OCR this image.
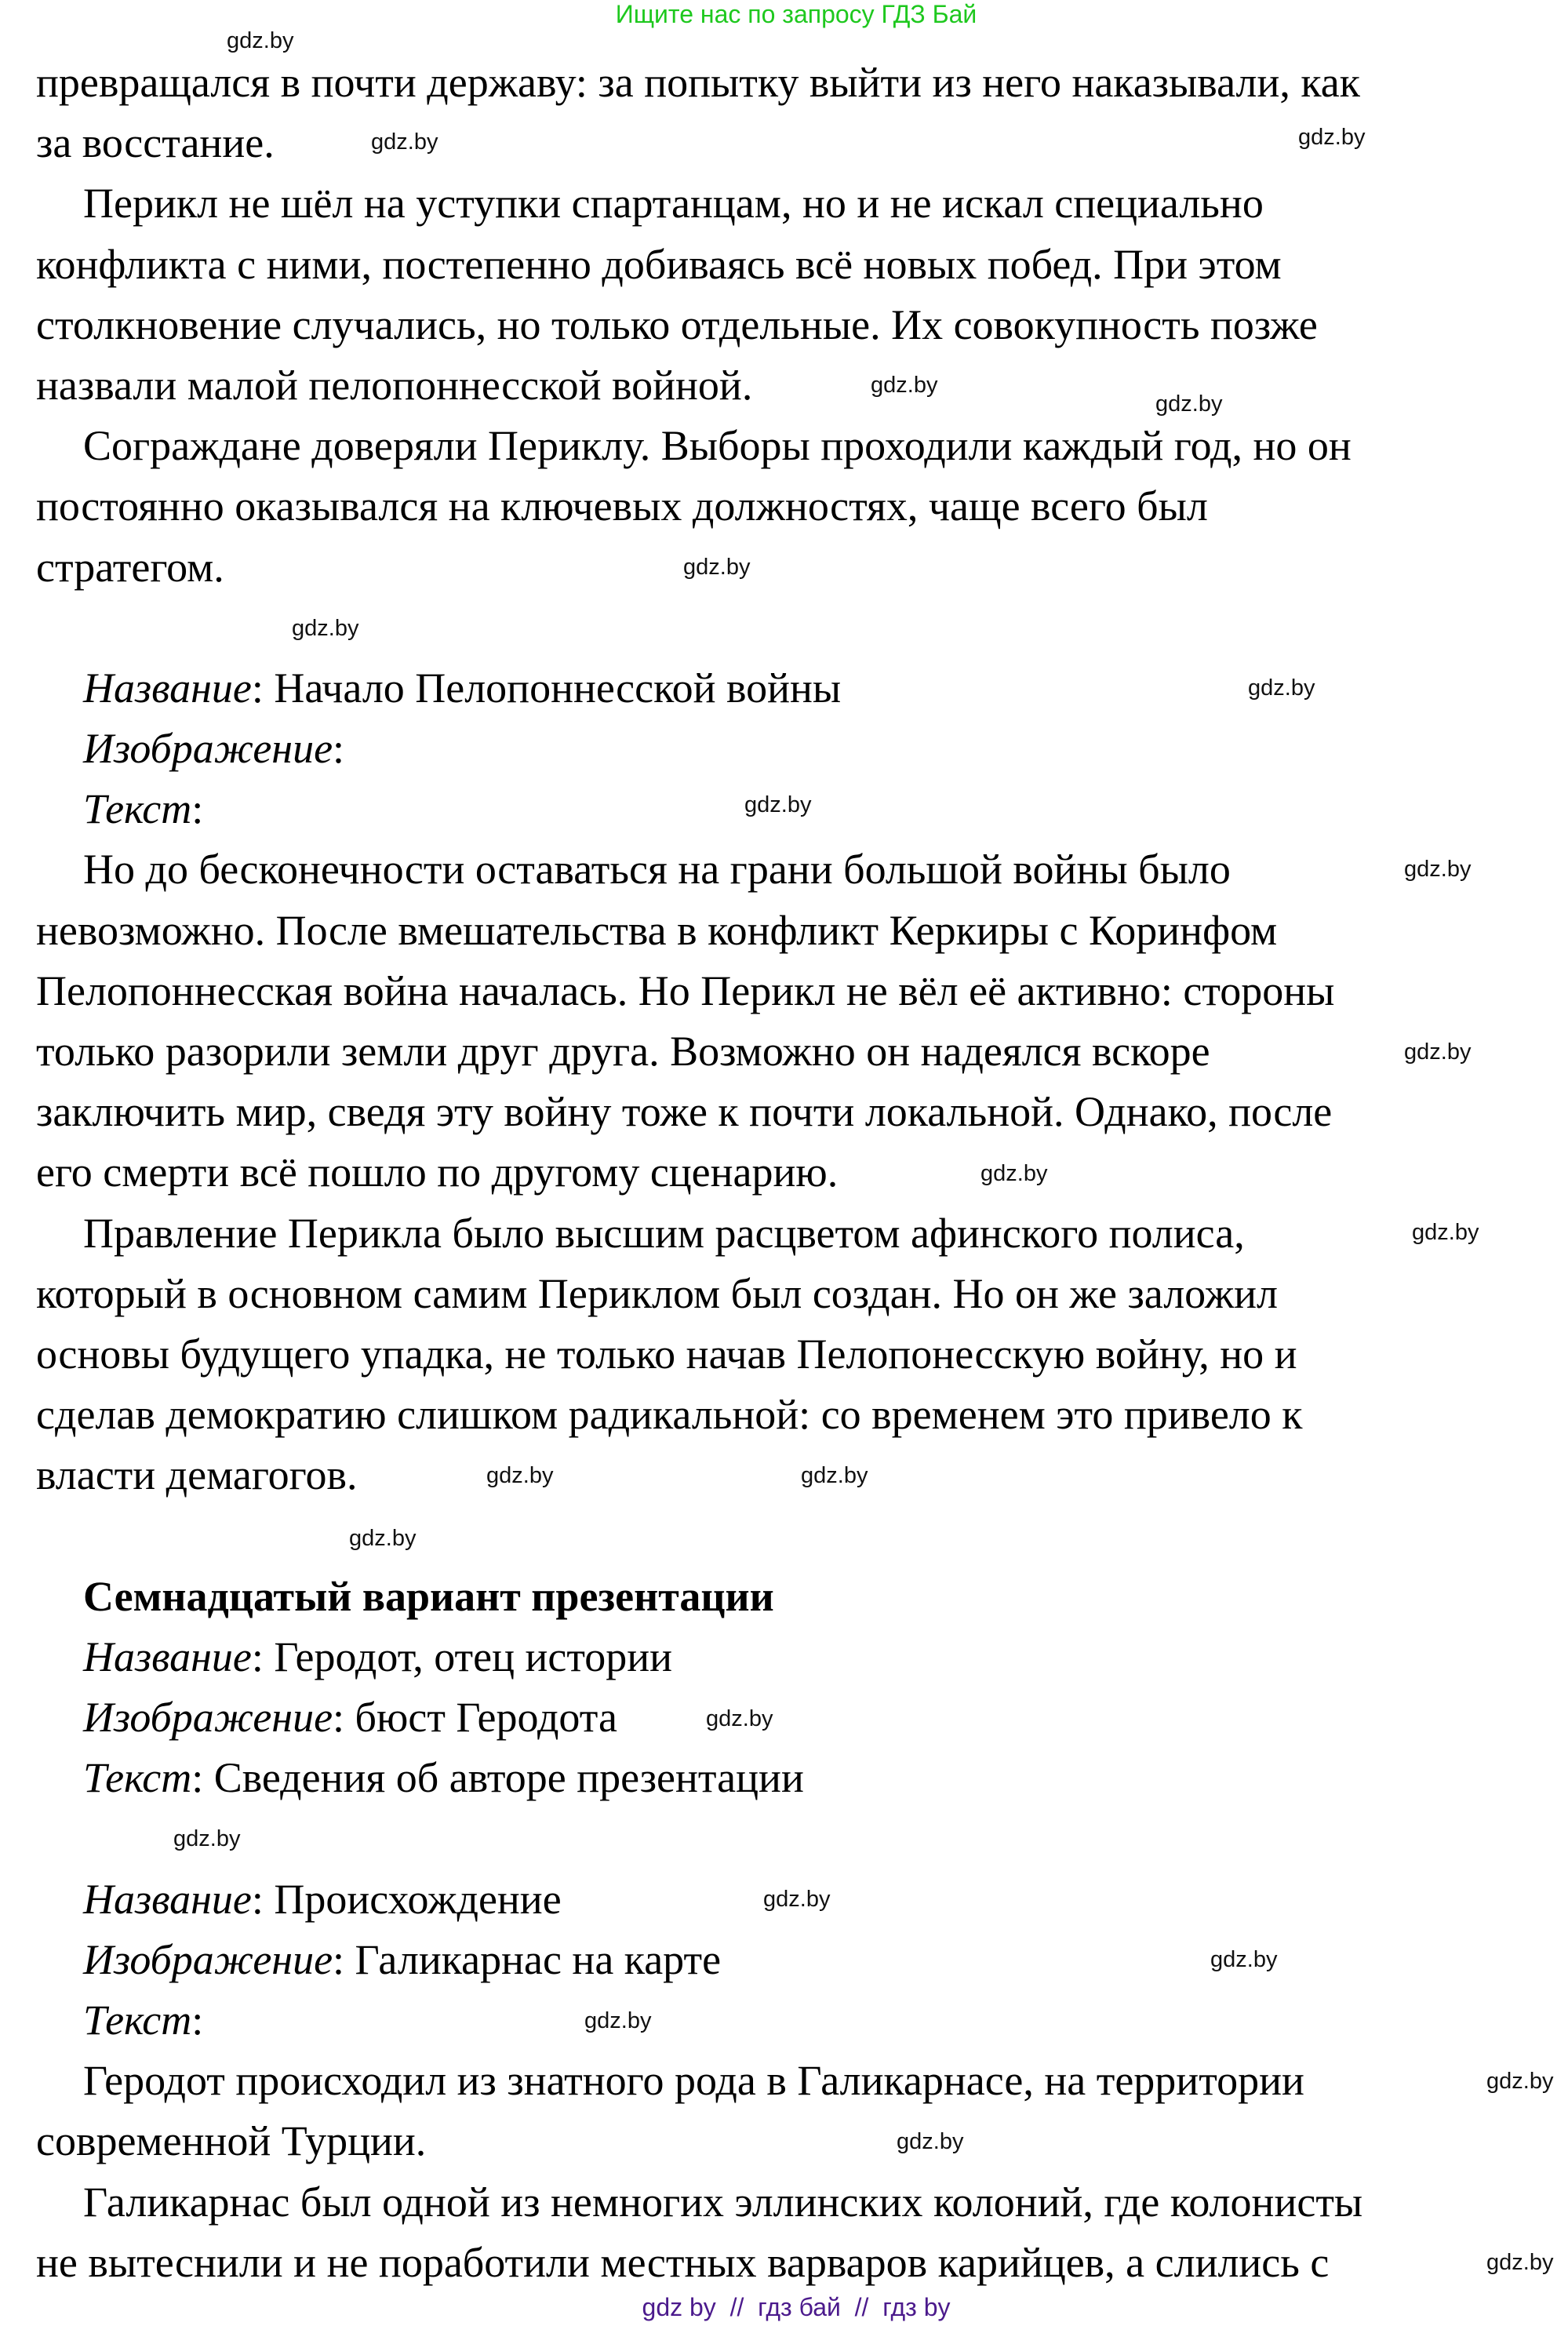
Ищите нас по запросу ГДЗ Бай
превращался в почти державу: за попытку выйти из него наказывали, как
за восстание.
Перикл не шёл на уступки спартанцам, но и не искал специально
конфликта с ними, постепенно добиваясь всё новых побед. При этом
столкновение случались, но только отдельные. Их совокупность позже
назвали малой пелопоннесской войной.
Сограждане доверяли Периклу. Выборы проходили каждый год, но он
постоянно оказывался на ключевых должностях, чаще всего был
стратегом.
Название: Начало Пелопоннесской войны
Изображение:
Текст:
Но до бесконечности оставаться на грани большой войны было
невозможно. После вмешательства в конфликт Керкиры с Коринфом
Пелопоннесская война началась. Но Перикл не вёл её активно: стороны
только разорили земли друг друга. Возможно он надеялся вскоре
заключить мир, сведя эту войну тоже к почти локальной. Однако, после
его смерти всё пошло по другому сценарию.
Правление Перикла было высшим расцветом афинского полиса,
который в основном самим Периклом был создан. Но он же заложил
основы будущего упадка, не только начав Пелопонесскую войну, но и
сделав демократию слишком радикальной: со временем это привело к
власти демагогов.
Семнадцатый вариант презентации
Название: Геродот, отец истории
Изображение: бюст Геродота
Текст: Сведения об авторе презентации
Название: Происхождение
Изображение: Галикарнас на карте
Текст:
Геродот происходил из знатного рода в Галикарнасе, на территории
современной Турции.
Галикарнас был одной из немногих эллинских колоний, где колонисты
не вытеснили и не поработили местных варваров карийцев, а слились с
gdz.by
gdz.by
gdz.by
gdz.by
gdz.by
gdz.by
gdz.by
gdz.by
gdz.by
gdz.by
gdz.by
gdz.by
gdz.by
gdz.by	gdz.by
gdz.by
gdz.by
gdz.by
gdz.by
gdz.by
gdz.by
gdz.by
gdz.by
gdz.by
gdz by  //  гдз бай  //  гдз by
